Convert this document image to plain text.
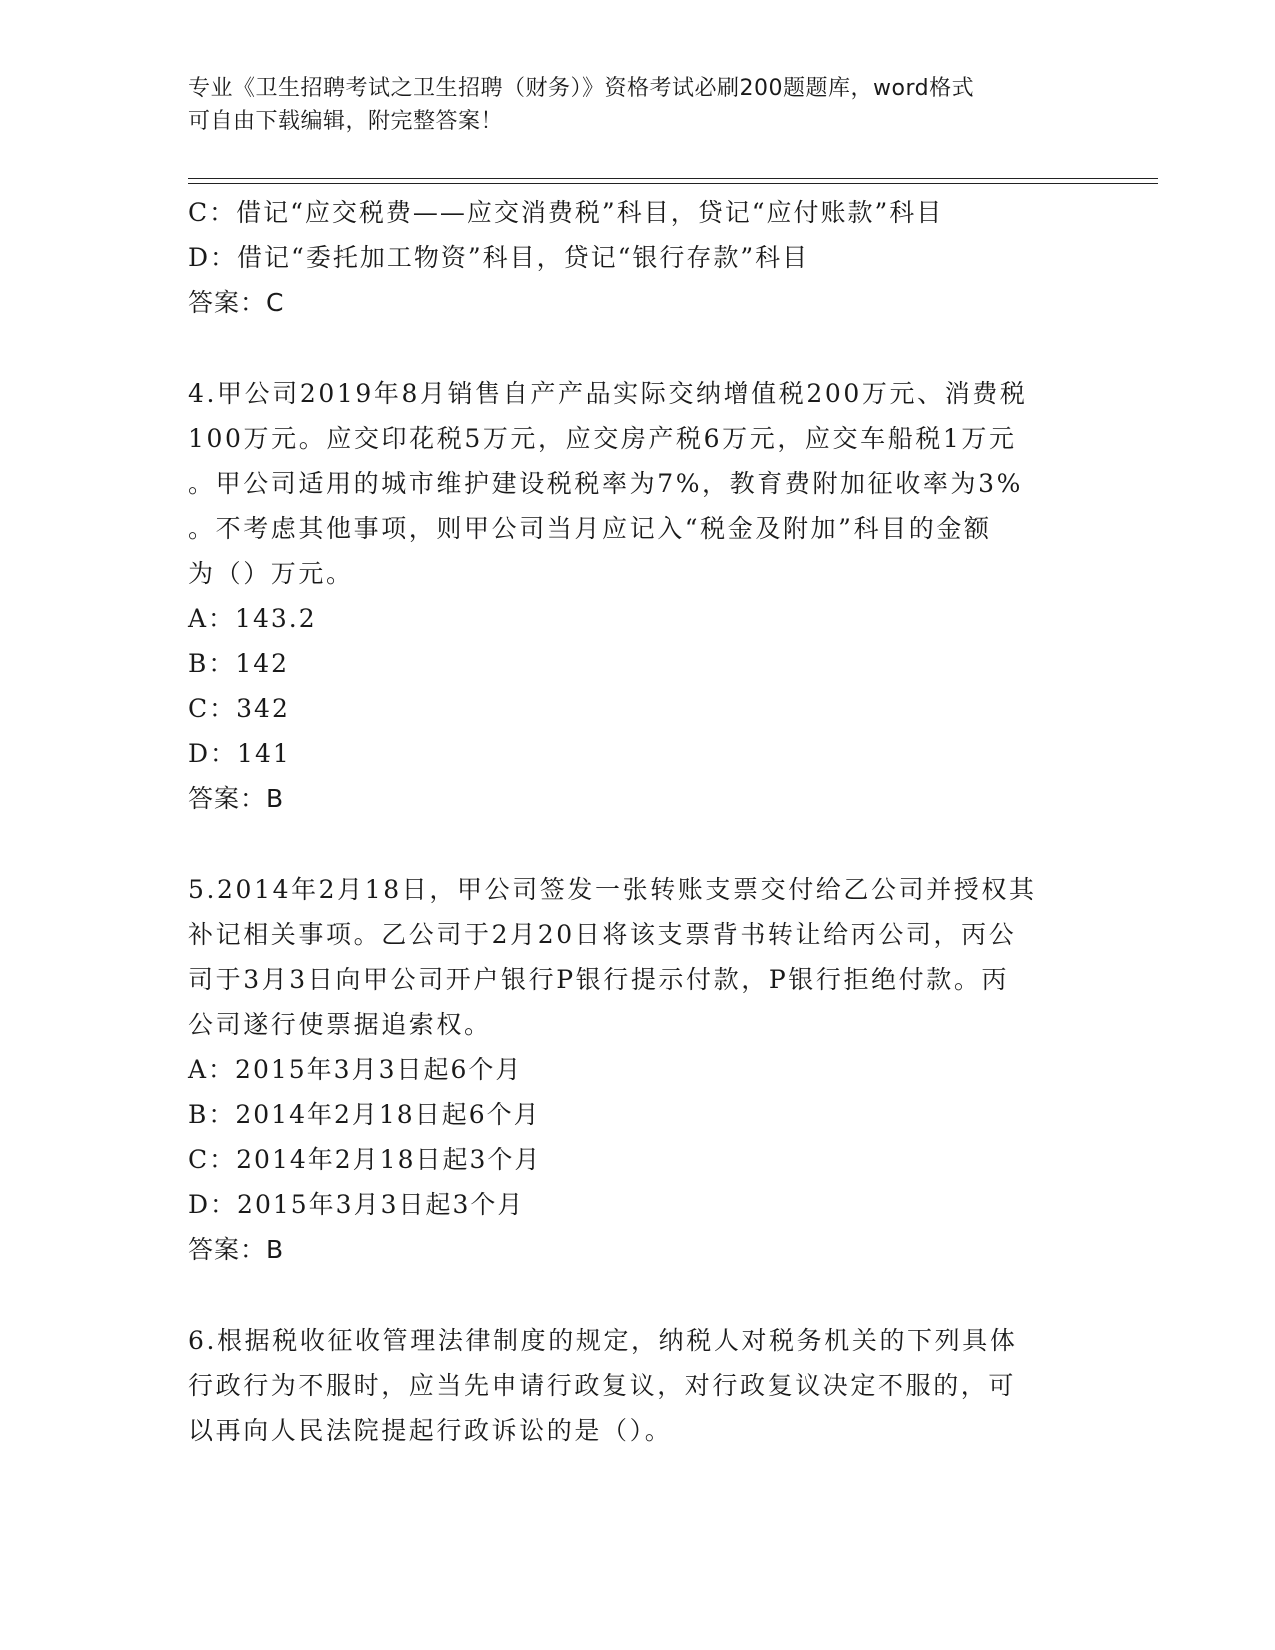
专业《卫生招聘考试之卫生招聘（财务）》资格考试必刷200题题库，word格式
可自由下载编辑，附完整答案！
C：借记“应交税费——应交消费税”科目，贷记“应付账款”科目
D：借记“委托加工物资”科目，贷记“银行存款”科目
答案：C
4.甲公司2019年8月销售自产产品实际交纳增值税200万元、消费税
100万元。应交印花税5万元，应交房产税6万元，应交车船税1万元
。甲公司适用的城市维护建设税税率为7%，教育费附加征收率为3%
。不考虑其他事项，则甲公司当月应记入“税金及附加”科目的金额
为（）万元。
A：143.2
B：142
C：342
D：141
答案：B
5.2014年2月18日，甲公司签发一张转账支票交付给乙公司并授权其
补记相关事项。乙公司于2月20日将该支票背书转让给丙公司，丙公
司于3月3日向甲公司开户银行P银行提示付款，P银行拒绝付款。丙
公司遂行使票据追索权。
A：2015年3月3日起6个月
B：2014年2月18日起6个月
C：2014年2月18日起3个月
D：2015年3月3日起3个月
答案：B
6.根据税收征收管理法律制度的规定，纳税人对税务机关的下列具体
行政行为不服时，应当先申请行政复议，对行政复议决定不服的，可
以再向人民法院提起行政诉讼的是（）。
